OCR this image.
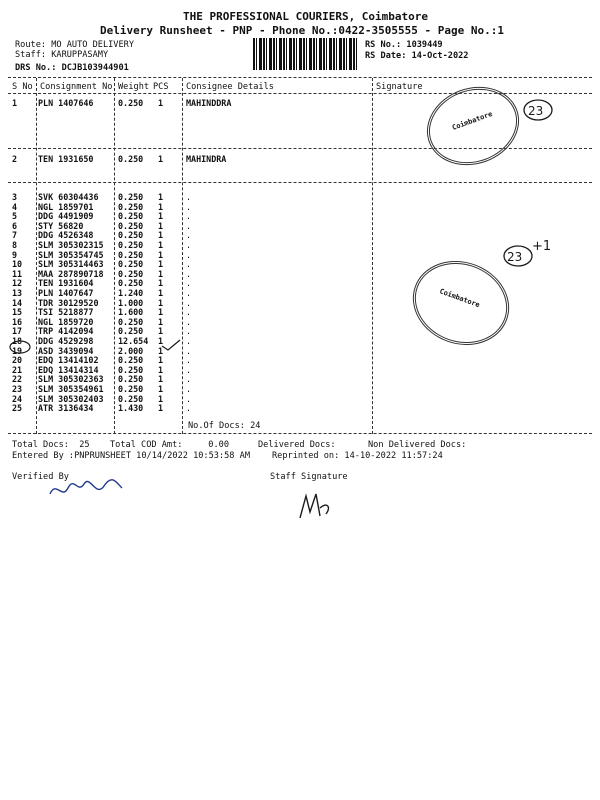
THE PROFESSIONAL COURIERS, Coimbatore
Delivery Runsheet - PNP - Phone No.:0422-3505555 - Page No.:1
Route: MO AUTO DELIVERY
Staff: KARUPPASAMY
DRS No.: DCJB103944901
RS No.: 1039449
RS Date: 14-Oct-2022
S No Consignment No Weight PCS Consignee Details	Signature
1 PLN 1407646	0.250 1	MAHINDDRA
2 TEN 1931650	0.250 1	MAHINDRA
3 SVK 60304436 0.250 1	.
4 NGL 1859701	0.250 1	.
5 DDG 4491909	0.250 1	.
6 STY 56820	0.250 1	.
7 DDG 4526348	0.250 1	.
8 SLM 305302315 0.250 1	.
9 SLM 305354745 0.250 1	.
10 SLM 305314463 0.250 1	.
11 MAA 287890718 0.250 1	.
12 TEN 1931604	0.250 1	.
13 PLN 1407647	1.240 1	.
14 TDR 30129520 1.000 1	.
15 TSI 5218877	1.600 1	.
16 NGL 1859720	0.250 1	.
17 TRP 4142094	0.250 1	.
18 DDG 4529298	12.654 1	.
19 ASD 3439094	2.000 1	.
20 EDQ 13414102 0.250 1	.
21 EDQ 13414314 0.250 1	.
22 SLM 305302363 0.250 1	.
23 SLM 305354961 0.250 1	.
24 SLM 305302403 0.250 1	.
25 ATR 3136434	1.430 1	.
No.Of Docs: 24
Total Docs:  25 Total COD Amt:     0.00	Delivered Docs:	Non Delivered Docs:
Entered By :PNPRUNSHEET 10/14/2022 10:53:58 AM	Reprinted on: 14-10-2022 11:57:24
Verified By	Staff Signature
Coimbatore
Coimbatore
23
23
+1
